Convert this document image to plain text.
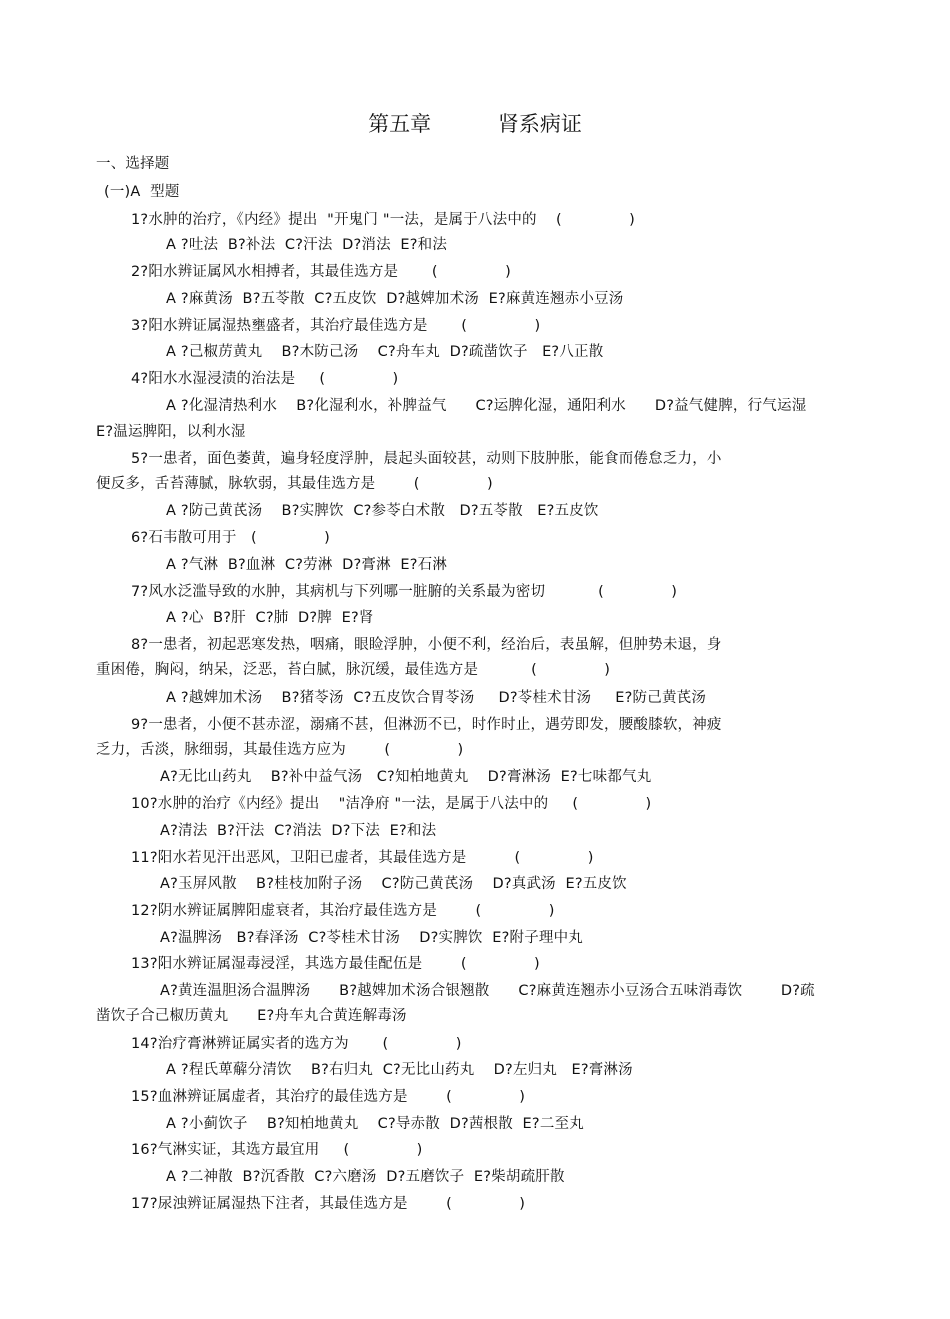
第五章          肾系病证
一、选择题
(一)A  型题
1?水肿的治疗，《内经》提出  "开鬼门 "一法，是属于八法中的    (              )
A ?吐法  B?补法  C?汗法  D?消法  E?和法
2?阳水辨证属风水相搏者，其最佳选方是       (              )
A ?麻黄汤  B?五苓散  C?五皮饮  D?越婢加术汤  E?麻黄连翘赤小豆汤
3?阳水辨证属湿热壅盛者，其治疗最佳选方是       (              )
A ?己椒苈黄丸    B?木防己汤    C?舟车丸  D?疏凿饮子   E?八正散
4?阳水水湿浸渍的治法是     (              )
A ?化湿清热利水    B?化湿利水，补脾益气      C?运脾化湿，通阳利水      D?益气健脾，行气运湿
E?温运脾阳，以利水湿
5?一患者，面色萎黄，遍身轻度浮肿，晨起头面较甚，动则下肢肿胀，能食而倦怠乏力，小
便反多，舌苔薄腻，脉软弱，其最佳选方是        (              )
A ?防己黄芪汤    B?实脾饮  C?参苓白术散   D?五苓散   E?五皮饮
6?石韦散可用于   (              )
A ?气淋  B?血淋  C?劳淋  D?膏淋  E?石淋
7?风水泛滥导致的水肿，其病机与下列哪一脏腑的关系最为密切           (              )
A ?心  B?肝  C?肺  D?脾  E?肾
8?一患者，初起恶寒发热，咽痛，眼睑浮肿，小便不利，经治后，表虽解，但肿势未退，身
重困倦，胸闷，纳呆，泛恶，苔白腻，脉沉缓，最佳选方是           (              )
A ?越婢加术汤    B?猪苓汤  C?五皮饮合胃苓汤     D?苓桂术甘汤     E?防己黄芪汤
9?一患者，小便不甚赤涩，溺痛不甚，但淋沥不已，时作时止，遇劳即发，腰酸膝软，神疲
乏力，舌淡，脉细弱，其最佳选方应为        (              )
A?无比山药丸    B?补中益气汤   C?知柏地黄丸    D?膏淋汤  E?七味都气丸
10?水肿的治疗《内经》提出    "洁净府 "一法，是属于八法中的     (              )
A?清法  B?汗法  C?消法  D?下法  E?和法
11?阳水若见汗出恶风，卫阳已虚者，其最佳选方是          (              )
A?玉屏风散    B?桂枝加附子汤    C?防己黄芪汤    D?真武汤  E?五皮饮
12?阴水辨证属脾阳虚衰者，其治疗最佳选方是        (              )
A?温脾汤   B?春泽汤  C?苓桂术甘汤    D?实脾饮  E?附子理中丸
13?阳水辨证属湿毒浸淫，其选方最佳配伍是        (              )
A?黄连温胆汤合温脾汤      B?越婢加术汤合银翘散      C?麻黄连翘赤小豆汤合五味消毒饮        D?疏
凿饮子合己椒历黄丸      E?舟车丸合黄连解毒汤
14?治疗膏淋辨证属实者的选方为       (              )
A ?程氏萆薢分清饮    B?右归丸  C?无比山药丸    D?左归丸   E?膏淋汤
15?血淋辨证属虚者，其治疗的最佳选方是        (              )
A ?小蓟饮子    B?知柏地黄丸    C?导赤散  D?茜根散  E?二至丸
16?气淋实证，其选方最宜用     (              )
A ?二神散  B?沉香散  C?六磨汤  D?五磨饮子  E?柴胡疏肝散
17?尿浊辨证属湿热下注者，其最佳选方是        (              )
